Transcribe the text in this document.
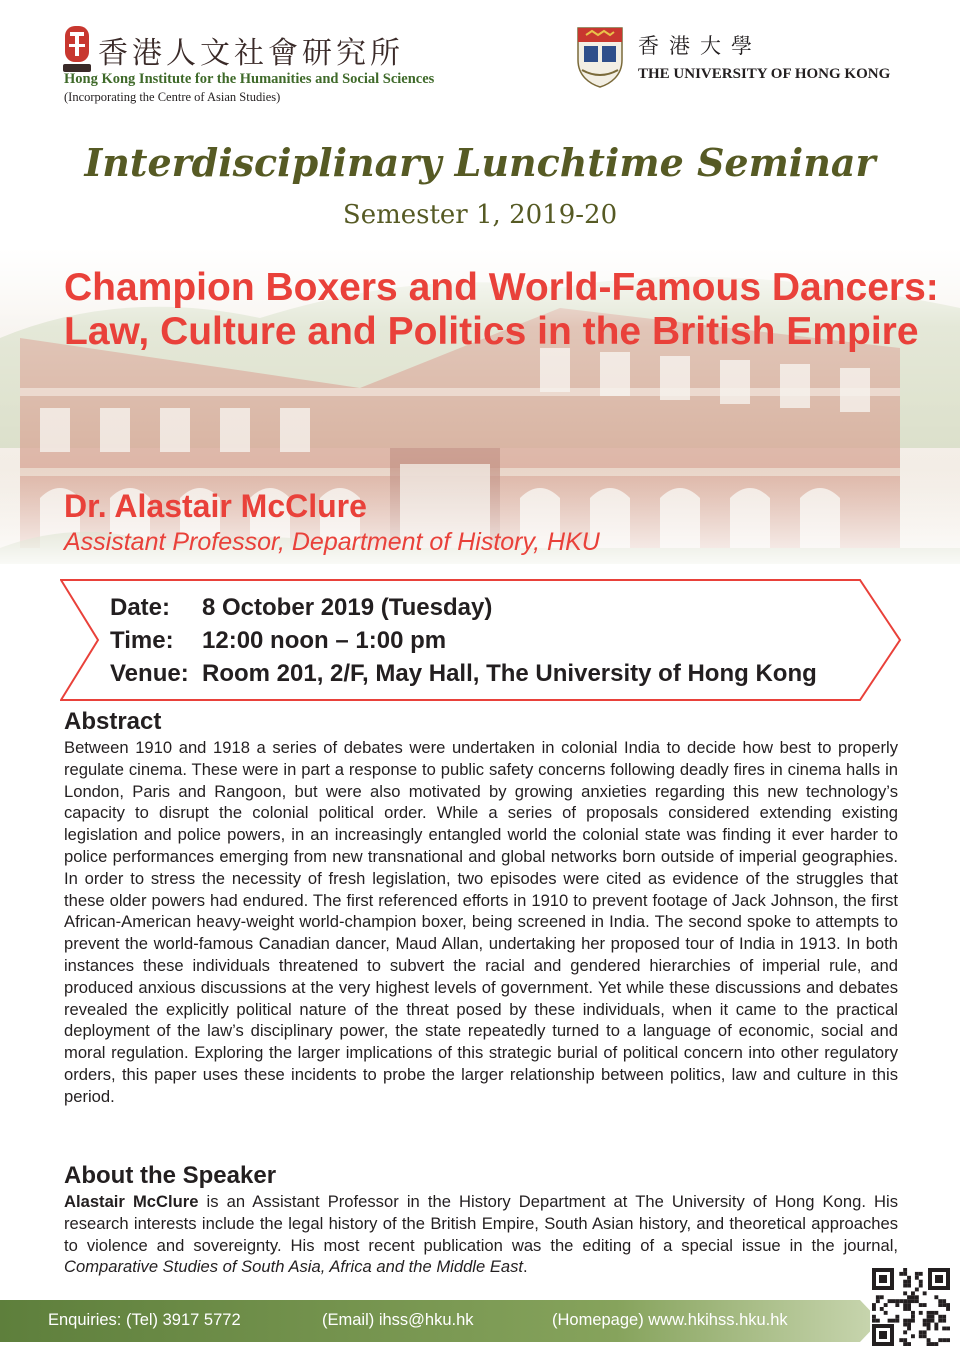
香港人文社會研究所
Hong Kong Institute for the Humanities and Social Sciences
(Incorporating the Centre of Asian Studies)
香港大學
THE UNIVERSITY OF HONG KONG
Interdisciplinary Lunchtime Seminar
Semester 1, 2019-20
Champion Boxers and World-Famous Dancers: Law, Culture and Politics in the British Empire
Dr. Alastair McClure
Assistant Professor, Department of History, HKU
Date: 8 October 2019 (Tuesday)
Time: 12:00 noon – 1:00 pm
Venue: Room 201, 2/F, May Hall, The University of Hong Kong
Abstract
Between 1910 and 1918 a series of debates were undertaken in colonial India to decide how best to properly regulate cinema. These were in part a response to public safety concerns following deadly fires in cinema halls in London, Paris and Rangoon, but were also motivated by growing anxieties regarding this new technology’s capacity to disrupt the colonial political order. While a series of proposals considered extending existing legislation and police powers, in an increasingly entangled world the colonial state was finding it ever harder to police performances emerging from new transnational and global networks born outside of imperial geographies. In order to stress the necessity of fresh legislation, two episodes were cited as evidence of the struggles that these older powers had endured. The first referenced efforts in 1910 to prevent footage of Jack Johnson, the first African-American heavy-weight world-champion boxer, being screened in India. The second spoke to attempts to prevent the world-famous Canadian dancer, Maud Allan, undertaking her proposed tour of India in 1913. In both instances these individuals threatened to subvert the racial and gendered hierarchies of imperial rule, and produced anxious discussions at the very highest levels of government. Yet while these discussions and debates revealed the explicitly political nature of the threat posed by these individuals, when it came to the practical deployment of the law’s disciplinary power, the state repeatedly turned to a language of economic, social and moral regulation. Exploring the larger implications of this strategic burial of political concern into other regulatory orders, this paper uses these incidents to probe the larger relationship between politics, law and culture in this period.
About the Speaker
Alastair McClure is an Assistant Professor in the History Department at The University of Hong Kong. His research interests include the legal history of the British Empire, South Asian history, and theoretical approaches to violence and sovereignty. His most recent publication was the editing of a special issue in the journal, Comparative Studies of South Asia, Africa and the Middle East.
Enquiries: (Tel) 3917 5772	(Email) ihss@hku.hk	(Homepage) www.hkihss.hku.hk
